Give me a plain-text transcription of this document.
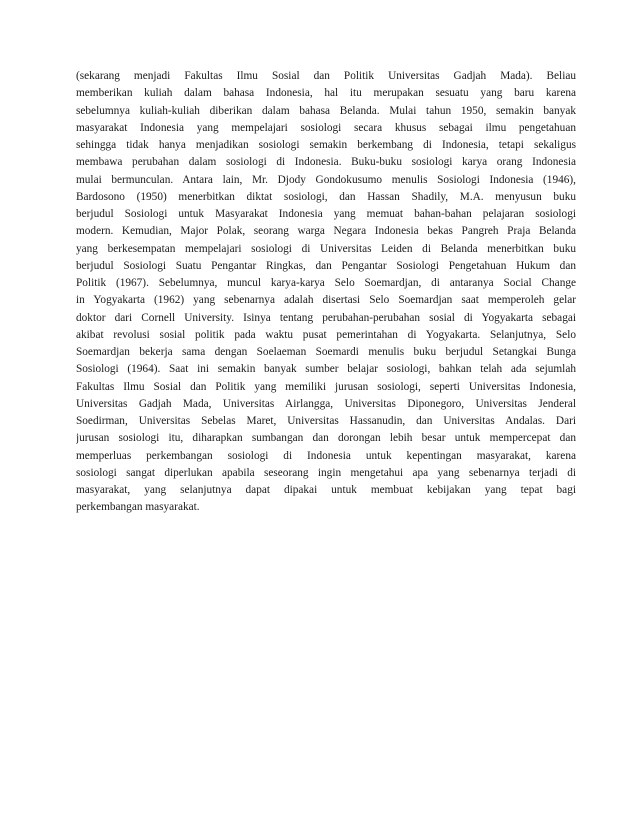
(sekarang menjadi Fakultas Ilmu Sosial dan Politik Universitas Gadjah Mada). Beliau
memberikan kuliah dalam bahasa Indonesia, hal itu merupakan sesuatu yang baru karena
sebelumnya kuliah-kuliah diberikan dalam bahasa Belanda. Mulai tahun 1950, semakin banyak
masyarakat Indonesia yang mempelajari sosiologi secara khusus sebagai ilmu pengetahuan
sehingga tidak hanya menjadikan sosiologi semakin berkembang di Indonesia, tetapi sekaligus
membawa perubahan dalam sosiologi di Indonesia. Buku-buku sosiologi karya orang Indonesia
mulai bermunculan. Antara lain, Mr. Djody Gondokusumo menulis Sosiologi Indonesia (1946),
Bardosono (1950) menerbitkan diktat sosiologi, dan Hassan Shadily, M.A. menyusun buku
berjudul Sosiologi untuk Masyarakat Indonesia yang memuat bahan-bahan pelajaran sosiologi
modern. Kemudian, Major Polak, seorang warga Negara Indonesia bekas Pangreh Praja Belanda
yang berkesempatan mempelajari sosiologi di Universitas Leiden di Belanda menerbitkan buku
berjudul Sosiologi Suatu Pengantar Ringkas, dan Pengantar Sosiologi Pengetahuan Hukum dan
Politik (1967). Sebelumnya, muncul karya-karya Selo Soemardjan, di antaranya Social Change
in Yogyakarta (1962) yang sebenarnya adalah disertasi Selo Soemardjan saat memperoleh gelar
doktor dari Cornell University. Isinya tentang perubahan-perubahan sosial di Yogyakarta sebagai
akibat revolusi sosial politik pada waktu pusat pemerintahan di Yogyakarta. Selanjutnya, Selo
Soemardjan bekerja sama dengan Soelaeman Soemardi menulis buku berjudul Setangkai Bunga
Sosiologi (1964). Saat ini semakin banyak sumber belajar sosiologi, bahkan telah ada sejumlah
Fakultas Ilmu Sosial dan Politik yang memiliki jurusan sosiologi, seperti Universitas Indonesia,
Universitas Gadjah Mada, Universitas Airlangga, Universitas Diponegoro, Universitas Jenderal
Soedirman, Universitas Sebelas Maret, Universitas Hassanudin, dan Universitas Andalas. Dari
jurusan sosiologi itu, diharapkan sumbangan dan dorongan lebih besar untuk mempercepat dan
memperluas perkembangan sosiologi di Indonesia untuk kepentingan masyarakat, karena
sosiologi sangat diperlukan apabila seseorang ingin mengetahui apa yang sebenarnya terjadi di
masyarakat, yang selanjutnya dapat dipakai untuk membuat kebijakan yang tepat bagi
perkembangan masyarakat.
